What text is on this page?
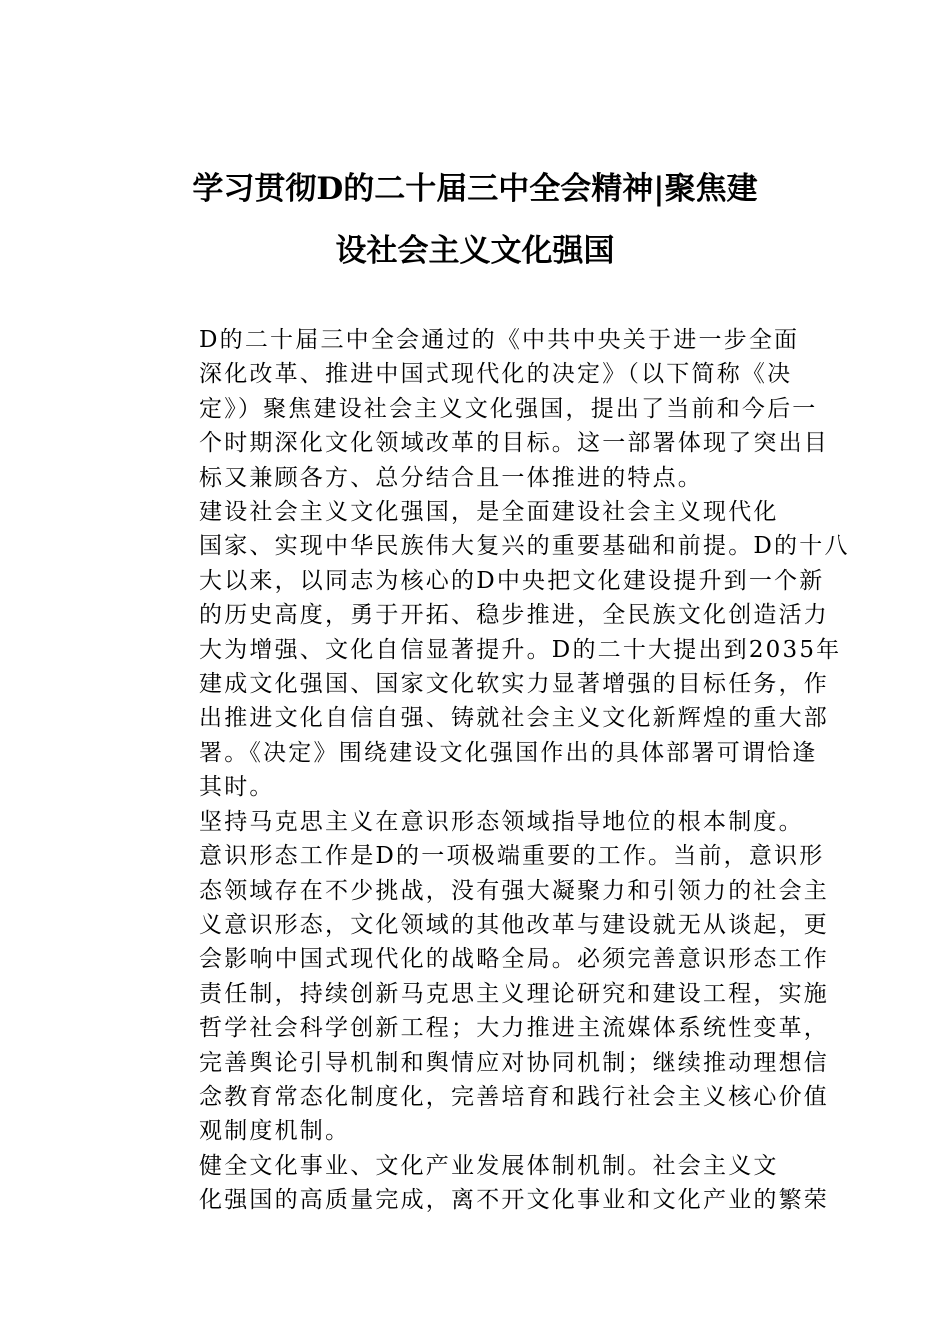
学习贯彻D的二十届三中全会精神|聚焦建
设社会主义文化强国

D的二十届三中全会通过的《中共中央关于进一步全面
深化改革、推进中国式现代化的决定》（以下简称《决
定》）聚焦建设社会主义文化强国，提出了当前和今后一
个时期深化文化领域改革的目标。这一部署体现了突出目
标又兼顾各方、总分结合且一体推进的特点。

建设社会主义文化强国，是全面建设社会主义现代化
国家、实现中华民族伟大复兴的重要基础和前提。D的十八
大以来，以同志为核心的D中央把文化建设提升到一个新
的历史高度，勇于开拓、稳步推进，全民族文化创造活力
大为增强、文化自信显著提升。D的二十大提出到2035年
建成文化强国、国家文化软实力显著增强的目标任务，作
出推进文化自信自强、铸就社会主义文化新辉煌的重大部
署。《决定》围绕建设文化强国作出的具体部署可谓恰逢
其时。

坚持马克思主义在意识形态领域指导地位的根本制度。
意识形态工作是D的一项极端重要的工作。当前，意识形
态领域存在不少挑战，没有强大凝聚力和引领力的社会主
义意识形态，文化领域的其他改革与建设就无从谈起，更
会影响中国式现代化的战略全局。必须完善意识形态工作
责任制，持续创新马克思主义理论研究和建设工程，实施
哲学社会科学创新工程；大力推进主流媒体系统性变革，
完善舆论引导机制和舆情应对协同机制；继续推动理想信
念教育常态化制度化，完善培育和践行社会主义核心价值
观制度机制。

健全文化事业、文化产业发展体制机制。社会主义文
化强国的高质量完成，离不开文化事业和文化产业的繁荣
